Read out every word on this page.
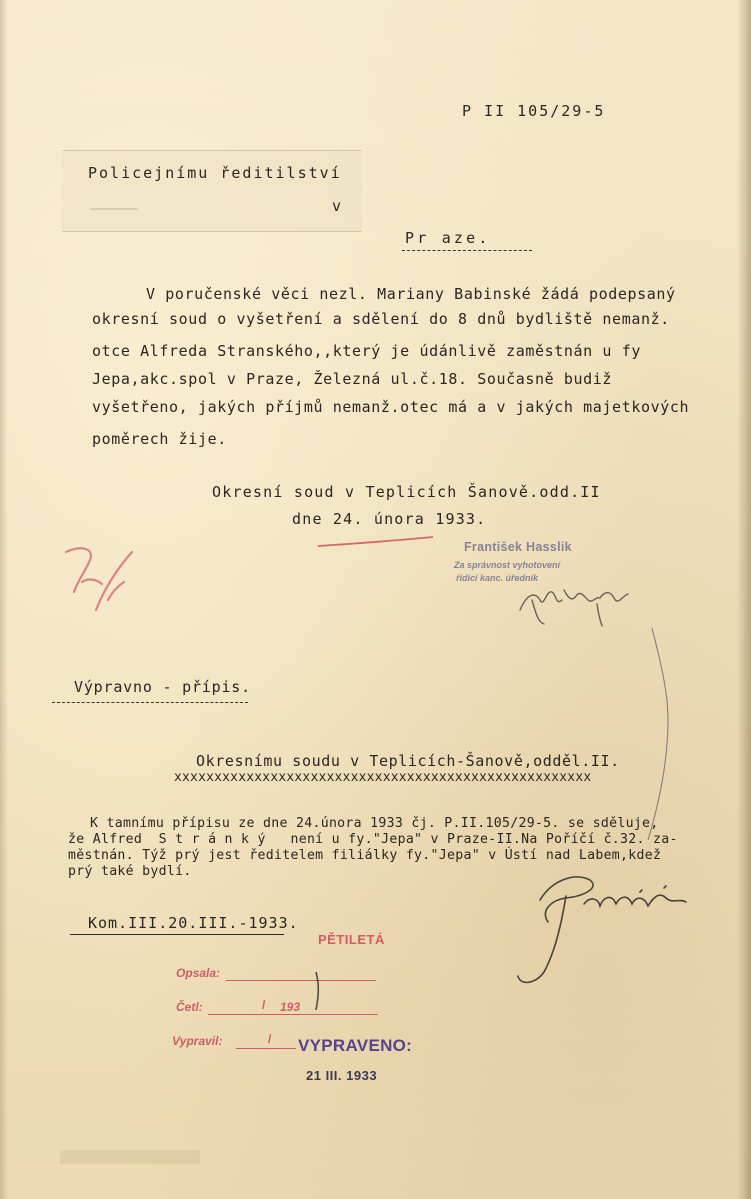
P II 105/29-5
Policejnímu ředitilství
v
Pr aze.
V poručenské věci nezl. Mariany Babinské žádá podepsaný
okresní soud o vyšetření a sdělení do 8 dnů bydliště nemanž.
otce Alfreda Stranského,,který je údánlivě zaměstnán u fy
Jepa,akc.spol v Praze, Železná ul.č.18. Současně budiž
vyšetřeno, jakých příjmů nemanž.otec má a v jakých majetkových
poměrech žije.
Okresní soud v Teplicích Šanově.odd.II
dne 24. února 1933.
František Hasslik
Za správnost vyhotovení
řídící kanc. úředník
Výpravno - přípis.
Okresnímu soudu v Teplicích-Šanově,odděl.II.
xxxxxxxxxxxxxxxxxxxxxxxxxxxxxxxxxxxxxxxxxxxxxxxxxxxx
K tamnímu přípisu ze dne 24.února 1933 čj. P.II.105/29-5. se sděluje,
že Alfred  S t r á n k ý   není u fy."Jepa" v Praze-II.Na Poříčí č.32. za-
městnán. Týž prý jest ředitelem filiálky fy."Jepa" v Ústí nad Labem,kdež
prý také bydlí.
Kom.III.20.III.-1933.
PĚTILETÁ
Opsala:
Četl:	/ 193
Vypravil:	/ VYPRAVENO:
21 III. 1933
